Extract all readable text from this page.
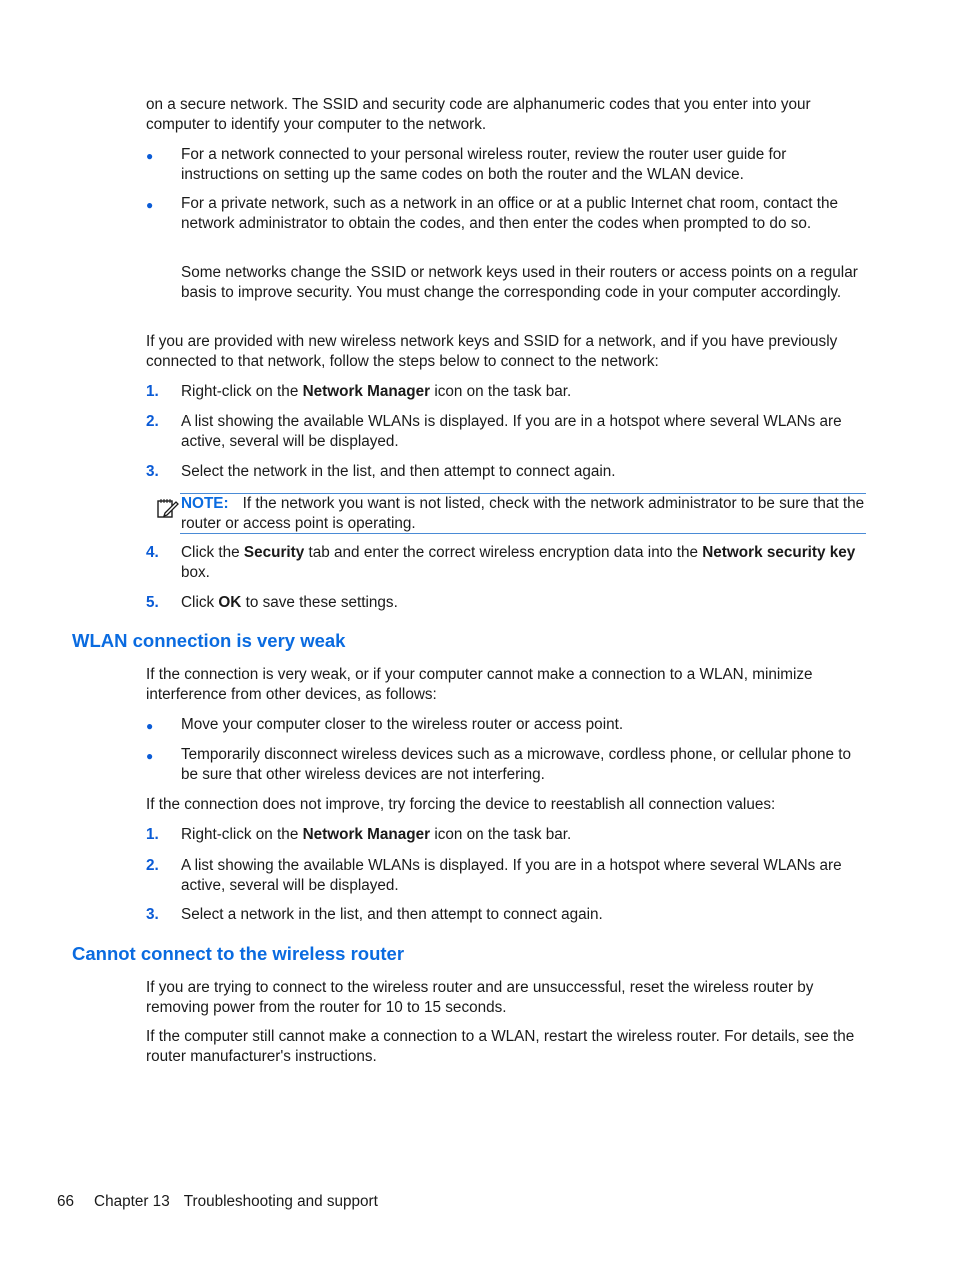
on a secure network. The SSID and security code are alphanumeric codes that you enter into your computer to identify your computer to the network.
● For a network connected to your personal wireless router, review the router user guide for instructions on setting up the same codes on both the router and the WLAN device.
● For a private network, such as a network in an office or at a public Internet chat room, contact the network administrator to obtain the codes, and then enter the codes when prompted to do so.
Some networks change the SSID or network keys used in their routers or access points on a regular basis to improve security. You must change the corresponding code in your computer accordingly.
If you are provided with new wireless network keys and SSID for a network, and if you have previously connected to that network, follow the steps below to connect to the network:
1. Right-click on the Network Manager icon on the task bar.
2. A list showing the available WLANs is displayed. If you are in a hotspot where several WLANs are active, several will be displayed.
3. Select the network in the list, and then attempt to connect again.
NOTE: If the network you want is not listed, check with the network administrator to be sure that the router or access point is operating.
4. Click the Security tab and enter the correct wireless encryption data into the Network security key box.
5. Click OK to save these settings.
WLAN connection is very weak
If the connection is very weak, or if your computer cannot make a connection to a WLAN, minimize interference from other devices, as follows:
● Move your computer closer to the wireless router or access point.
● Temporarily disconnect wireless devices such as a microwave, cordless phone, or cellular phone to be sure that other wireless devices are not interfering.
If the connection does not improve, try forcing the device to reestablish all connection values:
1. Right-click on the Network Manager icon on the task bar.
2. A list showing the available WLANs is displayed. If you are in a hotspot where several WLANs are active, several will be displayed.
3. Select a network in the list, and then attempt to connect again.
Cannot connect to the wireless router
If you are trying to connect to the wireless router and are unsuccessful, reset the wireless router by removing power from the router for 10 to 15 seconds.
If the computer still cannot make a connection to a WLAN, restart the wireless router. For details, see the router manufacturer's instructions.
66 Chapter 13 Troubleshooting and support
